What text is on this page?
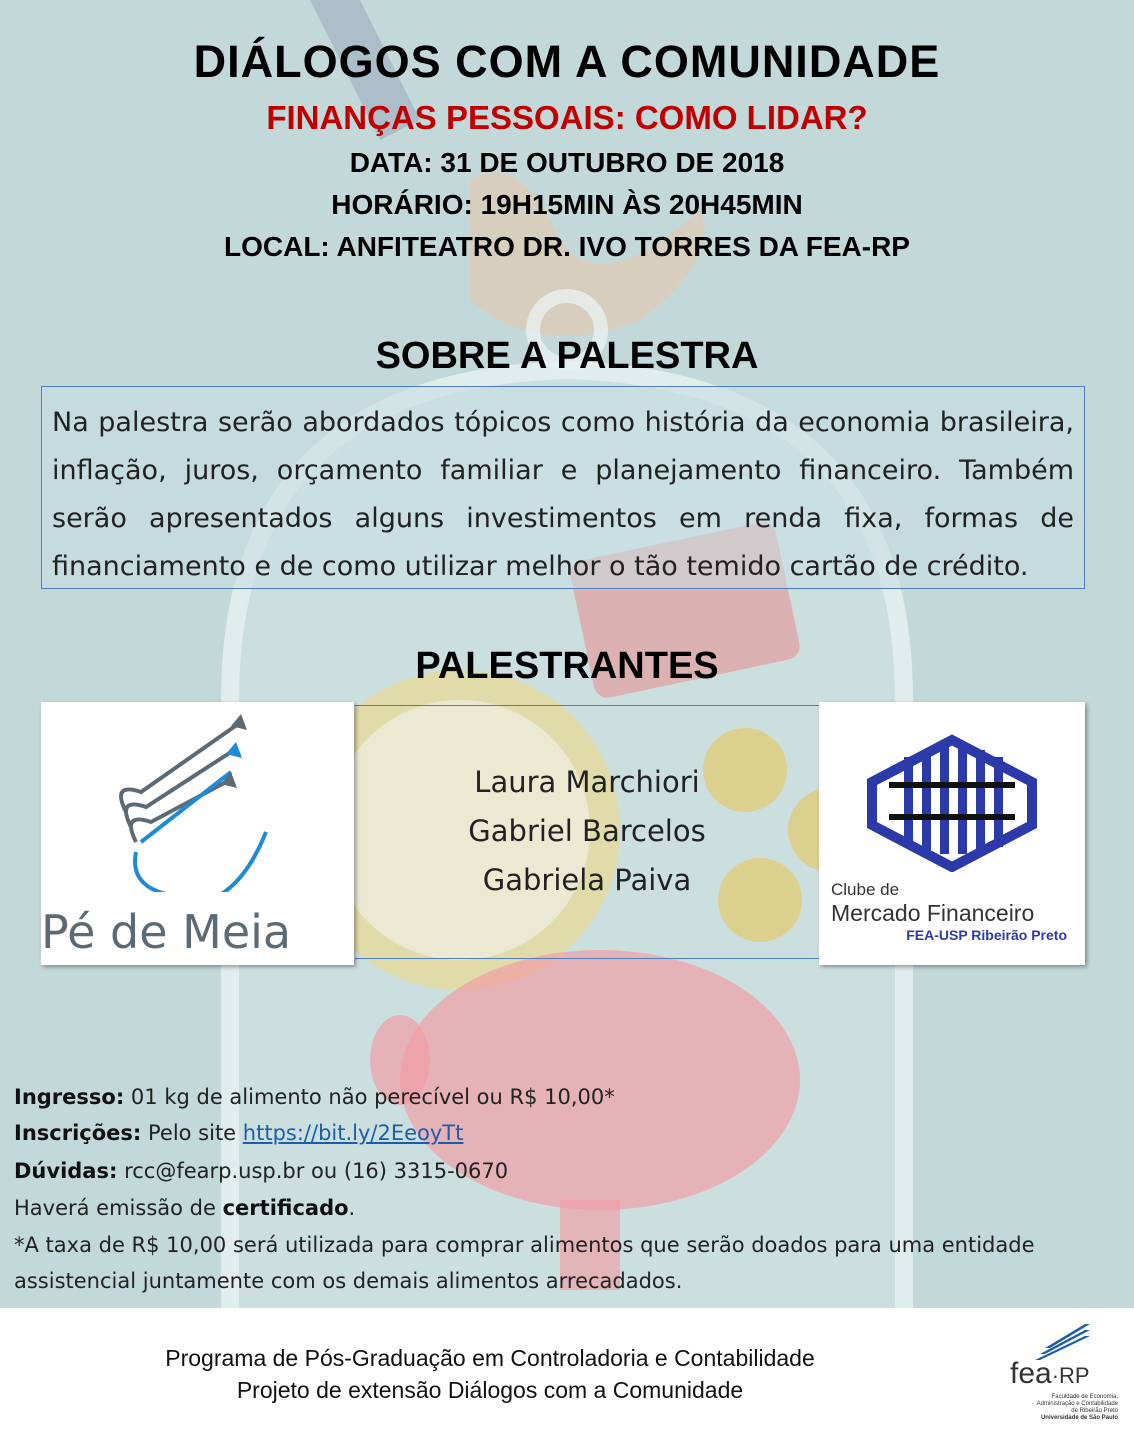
DIÁLOGOS COM A COMUNIDADE
FINANÇAS PESSOAIS: COMO LIDAR?
DATA: 31 DE OUTUBRO DE 2018
HORÁRIO: 19H15MIN ÀS 20H45MIN
LOCAL: ANFITEATRO DR. IVO TORRES DA FEA-RP
SOBRE A PALESTRA
Na palestra serão abordados tópicos como história da economia brasileira, inflação, juros, orçamento familiar e planejamento financeiro. Também serão apresentados alguns investimentos em renda fixa, formas de financiamento e de como utilizar melhor o tão temido cartão de crédito.
PALESTRANTES
Pé de Meia
Laura Marchiori
Gabriel Barcelos
Gabriela Paiva	Clube de
Mercado Financeiro
FEA-USP Ribeirão Preto
Ingresso: 01 kg de alimento não perecível ou R$ 10,00*
Inscrições: Pelo site https://bit.ly/2EeoyTt
Dúvidas: rcc@fearp.usp.br ou (16) 3315-0670
Haverá emissão de certificado.
*A taxa de R$ 10,00 será utilizada para comprar alimentos que serão doados para uma entidade
assistencial juntamente com os demais alimentos arrecadados.
Programa de Pós-Graduação em Controladoria e Contabilidade
Projeto de extensão Diálogos com a Comunidade	fea·RP
Faculdade de Economia,
Administração e Contabilidade
de Ribeirão Preto
Universidade de São Paulo
